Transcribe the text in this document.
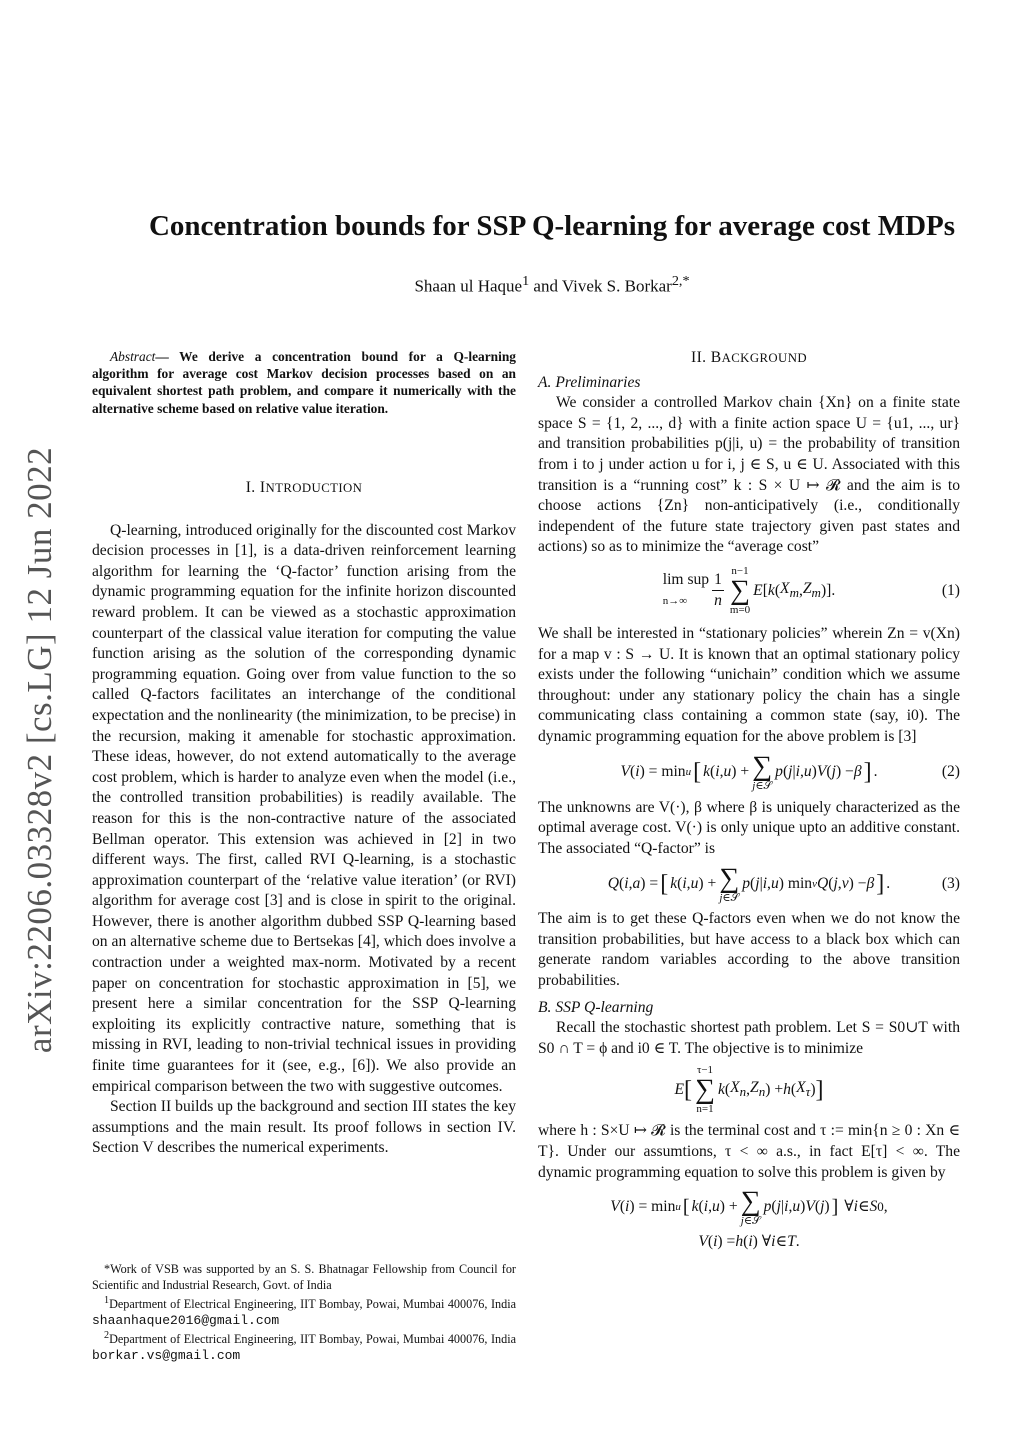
arXiv:2206.03328v2 [cs.LG] 12 Jun 2022
Concentration bounds for SSP Q-learning for average cost MDPs
Shaan ul Haque$^1$ and Vivek S. Borkar$^{2,*}$
Abstract— We derive a concentration bound for a Q-learning algorithm for average cost Markov decision processes based on an equivalent shortest path problem, and compare it numerically with the alternative scheme based on relative value iteration.
I. INTRODUCTION

Q-learning, introduced originally for the discounted cost Markov decision processes in [1], is a data-driven reinforcement learning algorithm for learning the ‘Q-factor’ function arising from the dynamic programming equation for the infinite horizon discounted reward problem. It can be viewed as a stochastic approximation counterpart of the classical value iteration for computing the value function arising as the solution of the corresponding dynamic programming equation. Going over from value function to the so called Q-factors facilitates an interchange of the conditional expectation and the nonlinearity (the minimization, to be precise) in the recursion, making it amenable for stochastic approximation. These ideas, however, do not extend automatically to the average cost problem, which is harder to analyze even when the model (i.e., the controlled transition probabilities) is readily available. The reason for this is the non-contractive nature of the associated Bellman operator. This extension was achieved in [2] in two different ways. The first, called RVI Q-learning, is a stochastic approximation counterpart of the ‘relative value iteration’ (or RVI) algorithm for average cost [3] and is close in spirit to the original. However, there is another algorithm dubbed SSP Q-learning based on an alternative scheme due to Bertsekas [4], which does involve a contraction under a weighted max-norm. Motivated by a recent paper on concentration for stochastic approximation in [5], we present here a similar concentration for the SSP Q-learning exploiting its explicitly contractive nature, something that is missing in RVI, leading to non-trivial technical issues in providing finite time guarantees for it (see, e.g., [6]). We also provide an empirical comparison between the two with suggestive outcomes.

Section II builds up the background and section III states the key assumptions and the main result. Its proof follows in section IV. Section V describes the numerical experiments.

*Work of VSB was supported by an S. S. Bhatnagar Fellowship from Council for Scientific and Industrial Research, Govt. of India
$^1$Department of Electrical Engineering, IIT Bombay, Powai, Mumbai 400076, India shaanhaque2016@gmail.com
$^2$Department of Electrical Engineering, IIT Bombay, Powai, Mumbai 400076, India borkar.vs@gmail.com
II. BACKGROUND
A. Preliminaries

We consider a controlled Markov chain {Xn} on a finite state space S = {1, 2, ..., d} with a finite action space U = {u1, ..., ur} and transition probabilities p(j|i, u) = the probability of transition from i to j under action u for i, j ∈ S, u ∈ U. Associated with this transition is a “running cost” k : S × U ↦ 𝓡 and the aim is to choose actions {Zn} non-anticipatively (i.e., conditionally independent of the future state trajectory given past states and actions) so as to minimize the “average cost”

lim sup
n→∞	$\frac{1}{n} n-1$
∑
m=0
E [ k ( $X_m$ , $Z_m$ )].	(1)

We shall be interested in “stationary policies” wherein Zn = v(Xn) for a map v : S → U. It is known that an optimal stationary policy exists under the following “unichain” condition which we assume throughout: under any stationary policy the chain has a single communicating class containing a common state (say, i0). The dynamic programming equation for the above problem is [3]

V ( i ) = min u [ k ( i , u ) + ∑
j∈𝒮
p ( j | i , u ) V ( j ) − β ] .	(2)

The unknowns are V(·), β where β is uniquely characterized as the optimal average cost. V(·) is only unique upto an additive constant. The associated “Q-factor” is

Q ( i , a ) = [ k ( i , u ) + ∑
j∈𝒮
p ( j | i , u ) min v Q ( j , v ) − β ] .	(3)

The aim is to get these Q-factors even when we do not know the transition probabilities, but have access to a black box which can generate random variables according to the above transition probabilities.

B. SSP Q-learning

Recall the stochastic shortest path problem. Let S = S0∪T with S0 ∩ T = ϕ and i0 ∈ T. The objective is to minimize

E [
τ−1
∑
n=1
k ( $X_n$ , $Z_n$ ) + h ( $X_\tau$ ) ]

where h : S×U ↦ 𝓡 is the terminal cost and τ := min{n ≥ 0 : Xn ∈ T}. Under our assumtions, τ < ∞ a.s., in fact E[τ] < ∞. The dynamic programming equation to solve this problem is given by

V ( i ) = min u [ k ( i , u ) + ∑
j∈𝒮
p ( j | i , u ) V ( j ) ] ∀ i ∈ S 0 ,
V ( i ) = h ( i ) ∀ i ∈ T .
